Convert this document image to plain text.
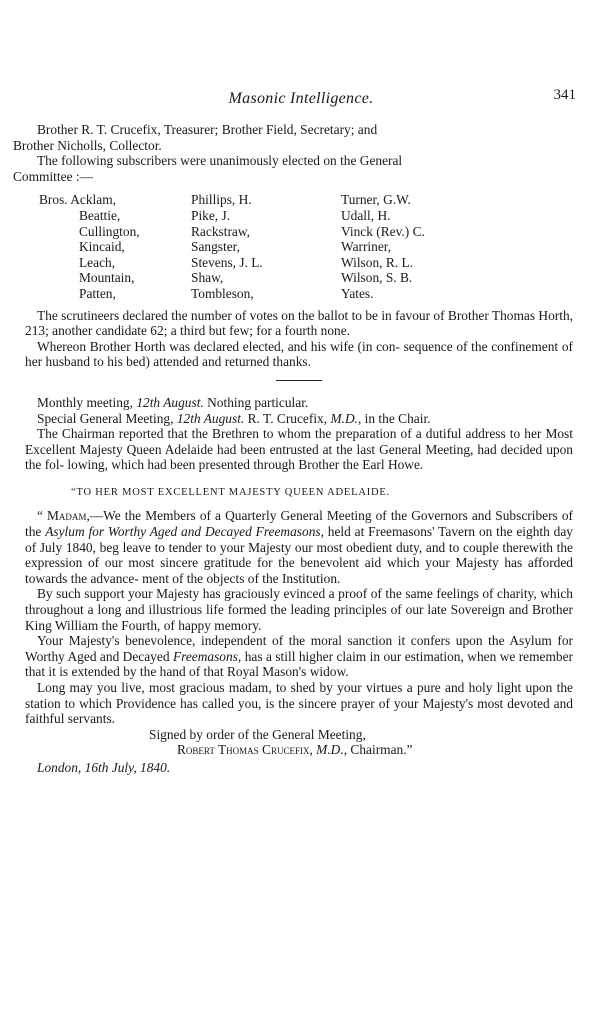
Masonic Intelligence.	341

Brother R. T. Crucefix, Treasurer; Brother Field, Secretary; and
Brother Nicholls, Collector.

The following subscribers were unanimously elected on the General
Committee :—

Bros. Acklam,
Beattie,
Cullington,
Kincaid,
Leach,
Mountain,
Patten,
Phillips, H.
Pike, J.
Rackstraw,
Sangster,
Stevens, J. L.
Shaw,
Tombleson,
Turner, G.W.
Udall, H.
Vinck (Rev.) C.
Warriner,
Wilson, R. L.
Wilson, S. B.
Yates.

The scrutineers declared the number of votes on the ballot to be in favour of Brother Thomas Horth, 213; another candidate 62; a third but few; for a fourth none.

Whereon Brother Horth was declared elected, and his wife (in con- sequence of the confinement of her husband to his bed) attended and returned thanks.

Monthly meeting, 12th August. Nothing particular.

Special General Meeting, 12th August. R. T. Crucefix, M.D., in the Chair.

The Chairman reported that the Brethren to whom the preparation of a dutiful address to her Most Excellent Majesty Queen Adelaide had been entrusted at the last General Meeting, had decided upon the fol- lowing, which had been presented through Brother the Earl Howe.

“TO HER MOST EXCELLENT MAJESTY QUEEN ADELAIDE.

“ Madam,—We the Members of a Quarterly General Meeting of the Governors and Subscribers of the Asylum for Worthy Aged and Decayed Freemasons, held at Freemasons' Tavern on the eighth day of July 1840, beg leave to tender to your Majesty our most obedient duty, and to couple therewith the expression of our most sincere gratitude for the benevolent aid which your Majesty has afforded towards the advance- ment of the objects of the Institution.

By such support your Majesty has graciously evinced a proof of the same feelings of charity, which throughout a long and illustrious life formed the leading principles of our late Sovereign and Brother King William the Fourth, of happy memory.

Your Majesty's benevolence, independent of the moral sanction it confers upon the Asylum for Worthy Aged and Decayed Freemasons, has a still higher claim in our estimation, when we remember that it is extended by the hand of that Royal Mason's widow.

Long may you live, most gracious madam, to shed by your virtues a pure and holy light upon the station to which Providence has called you, is the sincere prayer of your Majesty's most devoted and faithful servants.

Signed by order of the General Meeting,

Robert Thomas Crucefix, M.D., Chairman.”

London, 16th July, 1840.
